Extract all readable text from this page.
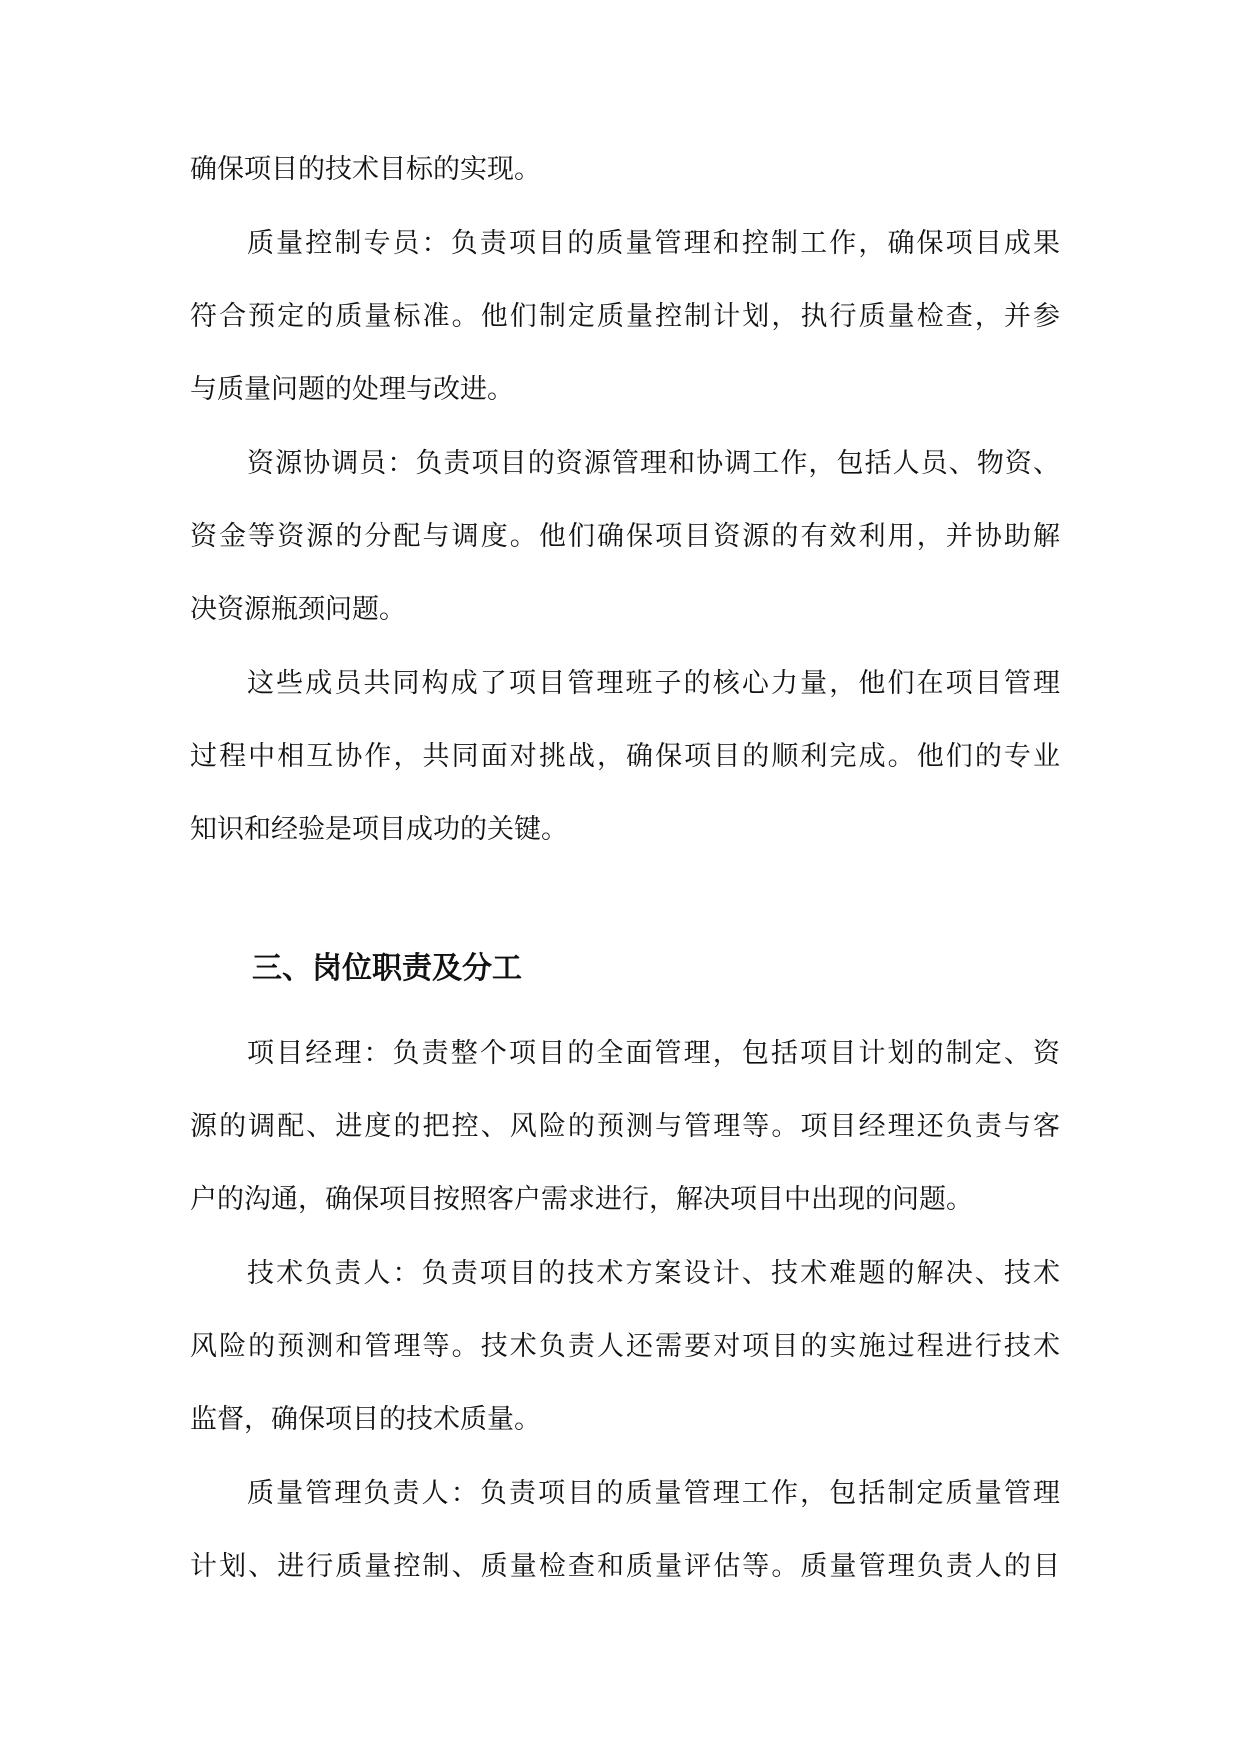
确保项目的技术目标的实现。
质量控制专员：负责项目的质量管理和控制工作，确保项目成果
符合预定的质量标准。他们制定质量控制计划，执行质量检查，并参
与质量问题的处理与改进。
资源协调员：负责项目的资源管理和协调工作，包括人员、物资、
资金等资源的分配与调度。他们确保项目资源的有效利用，并协助解
决资源瓶颈问题。
这些成员共同构成了项目管理班子的核心力量，他们在项目管理
过程中相互协作，共同面对挑战，确保项目的顺利完成。他们的专业
知识和经验是项目成功的关键。
三、岗位职责及分工
项目经理：负责整个项目的全面管理，包括项目计划的制定、资
源的调配、进度的把控、风险的预测与管理等。项目经理还负责与客
户的沟通，确保项目按照客户需求进行，解决项目中出现的问题。
技术负责人：负责项目的技术方案设计、技术难题的解决、技术
风险的预测和管理等。技术负责人还需要对项目的实施过程进行技术
监督，确保项目的技术质量。
质量管理负责人：负责项目的质量管理工作，包括制定质量管理
计划、进行质量控制、质量检查和质量评估等。质量管理负责人的目
